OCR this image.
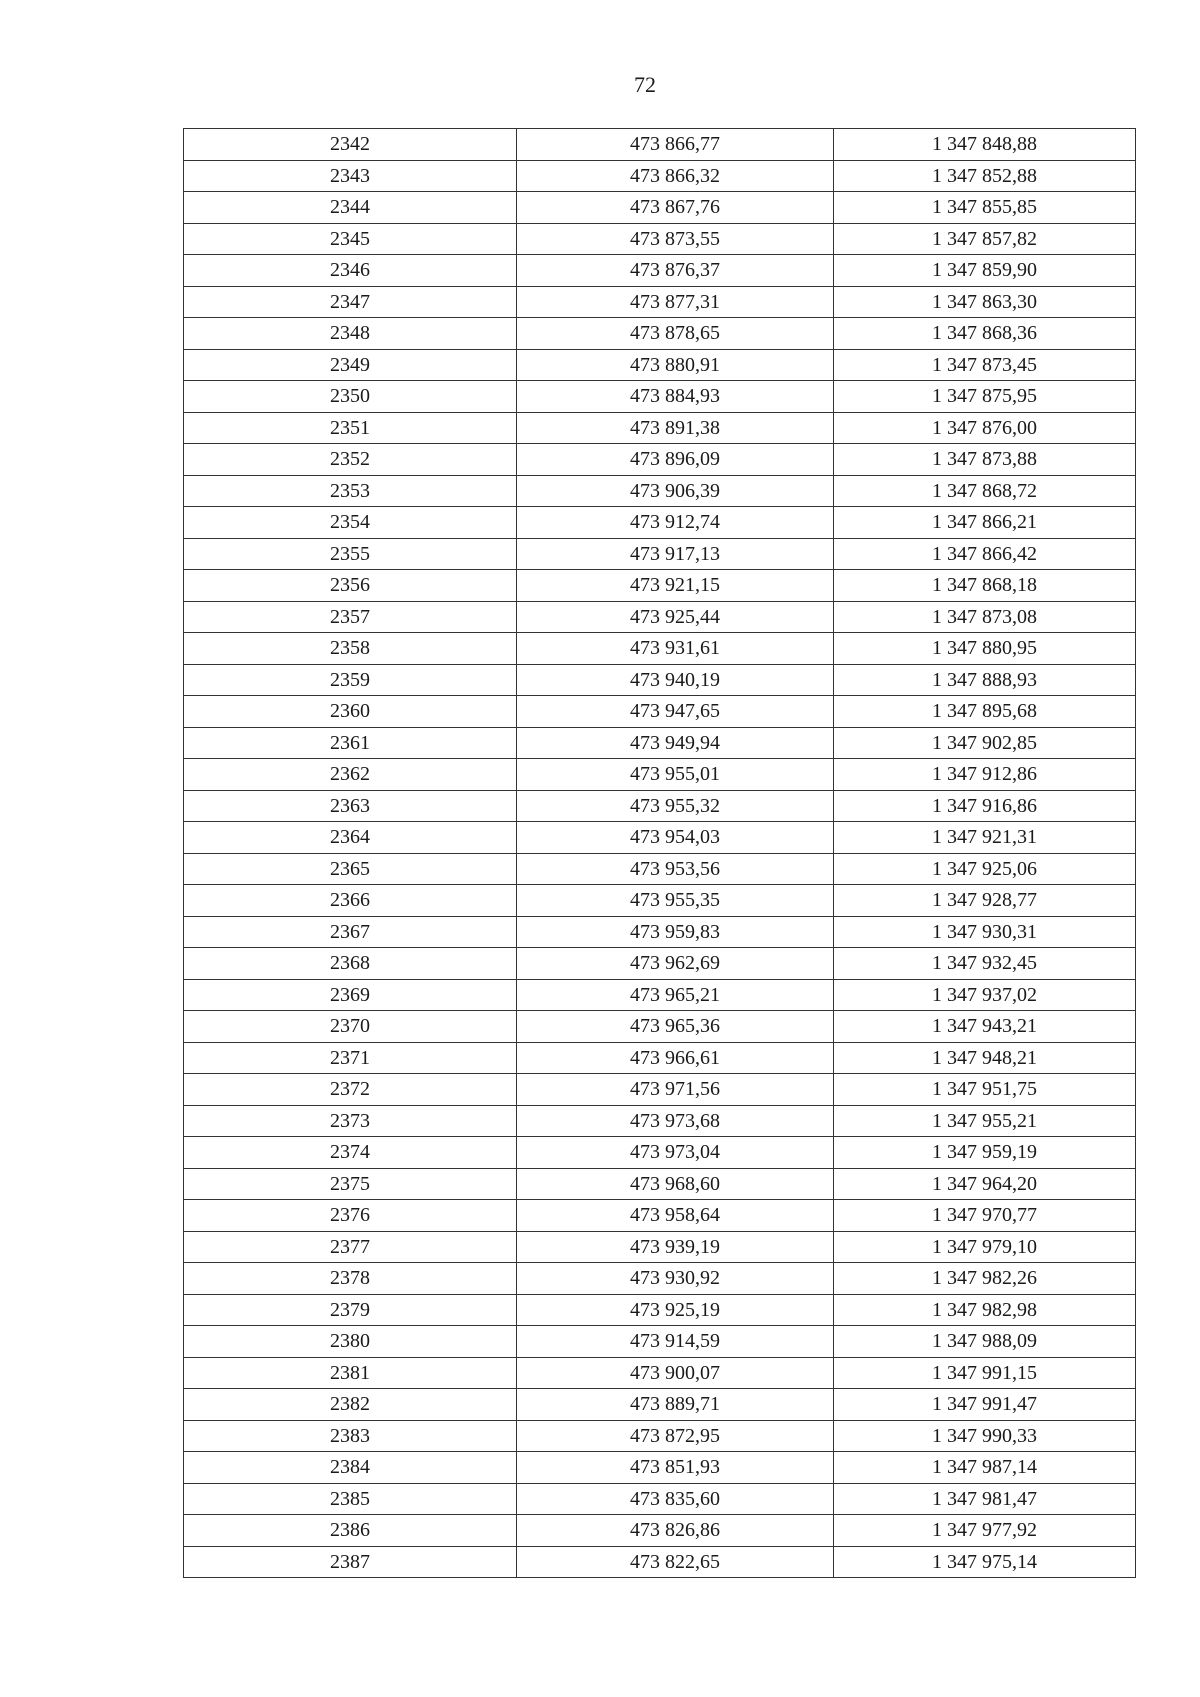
72
2342	473 866,77	1 347 848,88
2343	473 866,32	1 347 852,88
2344	473 867,76	1 347 855,85
2345	473 873,55	1 347 857,82
2346	473 876,37	1 347 859,90
2347	473 877,31	1 347 863,30
2348	473 878,65	1 347 868,36
2349	473 880,91	1 347 873,45
2350	473 884,93	1 347 875,95
2351	473 891,38	1 347 876,00
2352	473 896,09	1 347 873,88
2353	473 906,39	1 347 868,72
2354	473 912,74	1 347 866,21
2355	473 917,13	1 347 866,42
2356	473 921,15	1 347 868,18
2357	473 925,44	1 347 873,08
2358	473 931,61	1 347 880,95
2359	473 940,19	1 347 888,93
2360	473 947,65	1 347 895,68
2361	473 949,94	1 347 902,85
2362	473 955,01	1 347 912,86
2363	473 955,32	1 347 916,86
2364	473 954,03	1 347 921,31
2365	473 953,56	1 347 925,06
2366	473 955,35	1 347 928,77
2367	473 959,83	1 347 930,31
2368	473 962,69	1 347 932,45
2369	473 965,21	1 347 937,02
2370	473 965,36	1 347 943,21
2371	473 966,61	1 347 948,21
2372	473 971,56	1 347 951,75
2373	473 973,68	1 347 955,21
2374	473 973,04	1 347 959,19
2375	473 968,60	1 347 964,20
2376	473 958,64	1 347 970,77
2377	473 939,19	1 347 979,10
2378	473 930,92	1 347 982,26
2379	473 925,19	1 347 982,98
2380	473 914,59	1 347 988,09
2381	473 900,07	1 347 991,15
2382	473 889,71	1 347 991,47
2383	473 872,95	1 347 990,33
2384	473 851,93	1 347 987,14
2385	473 835,60	1 347 981,47
2386	473 826,86	1 347 977,92
2387	473 822,65	1 347 975,14
